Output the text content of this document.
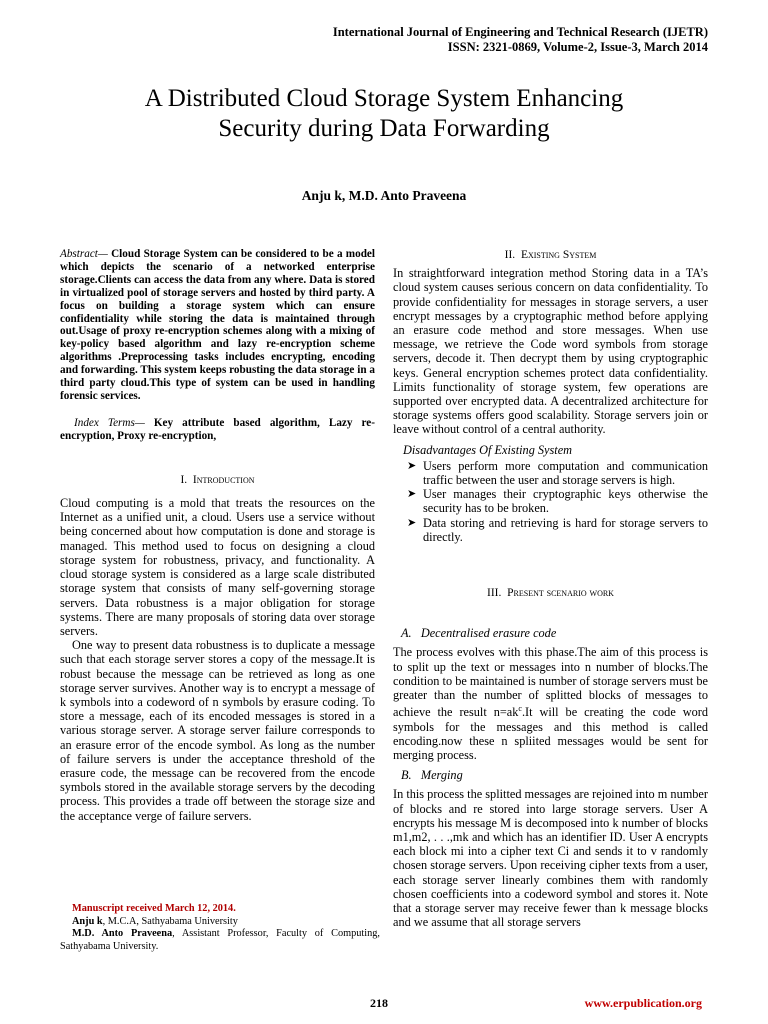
International Journal of Engineering and Technical Research (IJETR)
ISSN: 2321-0869, Volume-2, Issue-3, March 2014
A Distributed Cloud Storage System Enhancing
Security during Data Forwarding
Anju k, M.D. Anto Praveena

Abstract— Cloud Storage System can be considered to be a model which depicts the scenario of a networked enterprise storage.Clients can access the data from any where. Data is stored in virtualized pool of storage servers and hosted by third party. A focus on building a storage system which can ensure confidentiality while storing the data is maintained through out.Usage of proxy re-encryption schemes along with a mixing of key-policy based algorithm and lazy re-encryption scheme algorithms .Preprocessing tasks includes encrypting, encoding and forwarding. This system keeps robusting the data storage in a third party cloud.This type of system can be used in handling forensic services.

Index Terms— Key attribute based algorithm, Lazy re-encryption, Proxy re-encryption,

I. Introduction

Cloud computing is a mold that treats the resources on the Internet as a unified unit, a cloud. Users use a service without being concerned about how computation is done and storage is managed. This method used to focus on designing a cloud storage system for robustness, privacy, and functionality. A cloud storage system is considered as a large scale distributed storage system that consists of many self-governing storage servers. Data robustness is a major obligation for storage systems. There are many proposals of storing data over storage servers.

One way to present data robustness is to duplicate a message such that each storage server stores a copy of the message.It is robust because the message can be retrieved as long as one storage server survives. Another way is to encrypt a message of k symbols into a codeword of n symbols by erasure coding. To store a message, each of its encoded messages is stored in a various storage server. A storage server failure corresponds to an erasure error of the encode symbol. As long as the number of failure servers is under the acceptance threshold of the erasure code, the message can be recovered from the encode symbols stored in the available storage servers by the decoding process. This provides a trade off between the storage size and the acceptance verge of failure servers.

Manuscript received March 12, 2014.
Anju k, M.C.A, Sathyabama University
M.D. Anto Praveena, Assistant Professor, Faculty of Computing, Sathyabama University.

II. Existing System

In straightforward integration method Storing data in a TA’s cloud system causes serious concern on data confidentiality. To provide confidentiality for messages in storage servers, a user encrypt messages by a cryptographic method before applying an erasure code method and store messages. When use message, we retrieve the Code word symbols from storage servers, decode it. Then decrypt them by using cryptographic keys. General encryption schemes protect data confidentiality. Limits functionality of storage system, few operations are supported over encrypted data. A decentralized architecture for storage systems offers good scalability. Storage servers join or leave without control of a central authority.

Disadvantages Of Existing System

➤ Users perform more computation and communication traffic between the user and storage servers is high.
➤ User manages their cryptographic keys otherwise the security has to be broken.
➤ Data storing and retrieving is hard for storage servers to directly.

III. Present scenario work

A. Decentralised erasure code

The process evolves with this phase.The aim of this process is to split up the text or messages into n number of blocks.The condition to be maintained is number of storage servers must be greater than the number of splitted blocks of messages to achieve the result $n=ak^c.It$ will be creating the code word symbols for the messages and this method is called encoding.now these n spliited messages would be sent for merging process.

B. Merging

In this process the splitted messages are rejoined into m number of blocks and re stored into large storage servers. User A encrypts his message M is decomposed into k number of blocks m1,m2, . . .,mk and which has an identifier ID. User A encrypts each block mi into a cipher text Ci and sends it to v randomly chosen storage servers. Upon receiving cipher texts from a user, each storage server linearly combines them with randomly chosen coefficients into a codeword symbol and stores it. Note that a storage server may receive fewer than k message blocks and we assume that all storage servers

218	www.erpublication.org
